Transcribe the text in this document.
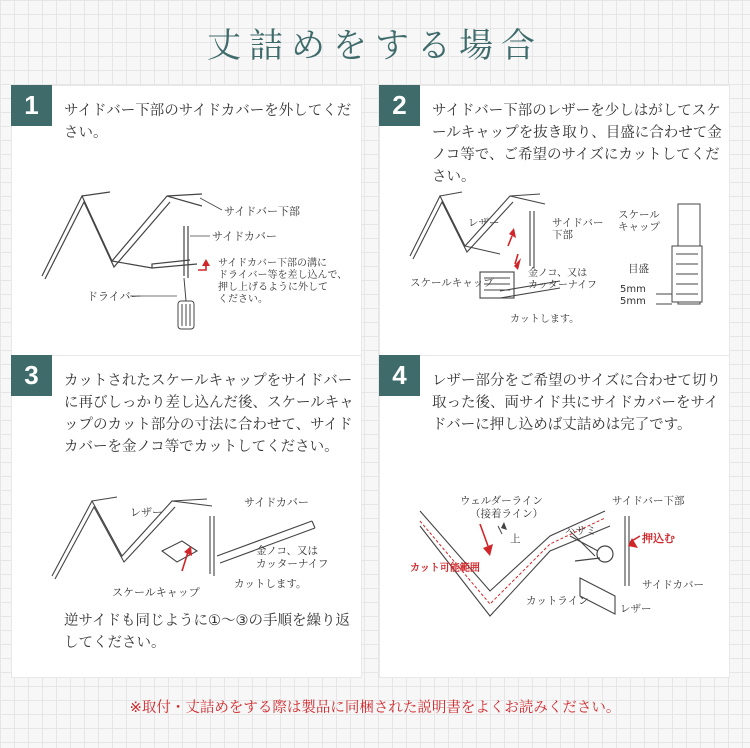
丈詰めをする場合
1	サイドバー下部のサイドカバーを外してください。
サイドバー下部
サイドカバー
サイドカバー下部の溝に
ドライバー等を差し込んで、
押し上げるように外して
ください。
ドライバー
2	サイドバー下部のレザーを少しはがしてスケールキャップを抜き取り、目盛に合わせて金ノコ等で、ご希望のサイズにカットしてください。
レザー	サイドバー
下部
スケールキャップ
金ノコ、又は
カッターナイフ
カットします。
スケール
キャップ
目盛
5mm
5mm
3	カットされたスケールキャップをサイドバーに再びしっかり差し込んだ後、スケールキャップのカット部分の寸法に合わせて、サイドカバーを金ノコ等でカットしてください。
逆サイドも同じように①〜③の手順を繰り返してください。
レザー
サイドカバー
金ノコ、又は
カッターナイフ
カットします。
スケールキャップ
4	レザー部分をご希望のサイズに合わせて切り取った後、両サイド共にサイドカバーをサイドバーに押し込めば丈詰めは完了です。
ウェルダーライン
（接着ライン）
上
ハサミ
サイドバー下部
押込む
カット可能範囲
カットライン
サイドカバー
レザー
※取付・丈詰めをする際は製品に同梱された説明書をよくお読みください。
